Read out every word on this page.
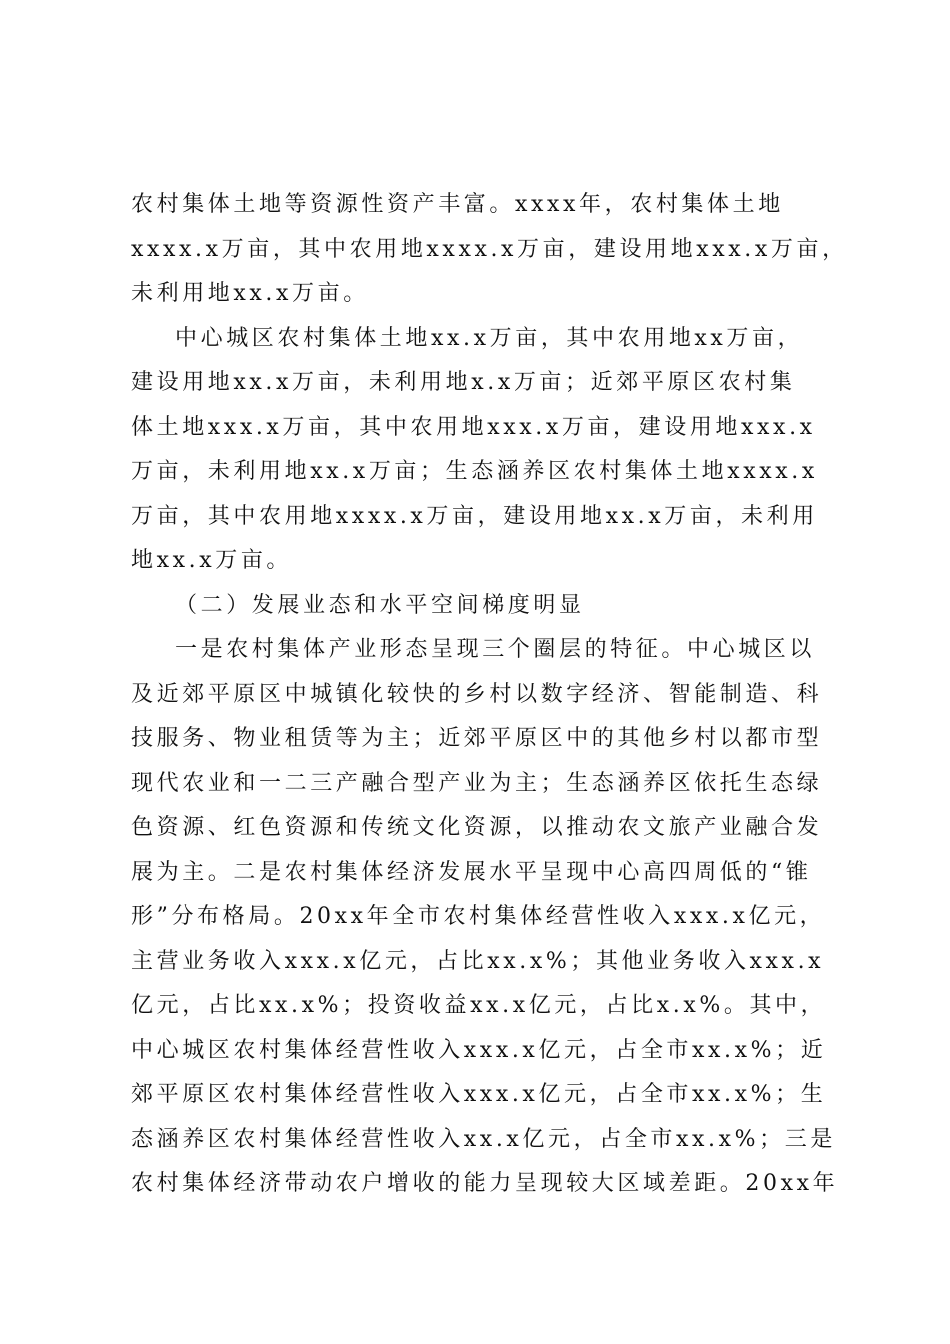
农村集体土地等资源性资产丰富。xxxx年，农村集体土地
xxxx.x万亩，其中农用地xxxx.x万亩，建设用地xxx.x万亩，
未利用地xx.x万亩。
中心城区农村集体土地xx.x万亩，其中农用地xx万亩，
建设用地xx.x万亩，未利用地x.x万亩；近郊平原区农村集
体土地xxx.x万亩，其中农用地xxx.x万亩，建设用地xxx.x
万亩，未利用地xx.x万亩；生态涵养区农村集体土地xxxx.x
万亩，其中农用地xxxx.x万亩，建设用地xx.x万亩，未利用
地xx.x万亩。
（二）发展业态和水平空间梯度明显
一是农村集体产业形态呈现三个圈层的特征。中心城区以
及近郊平原区中城镇化较快的乡村以数字经济、智能制造、科
技服务、物业租赁等为主；近郊平原区中的其他乡村以都市型
现代农业和一二三产融合型产业为主；生态涵养区依托生态绿
色资源、红色资源和传统文化资源，以推动农文旅产业融合发
展为主。二是农村集体经济发展水平呈现中心高四周低的“锥
形”分布格局。20xx年全市农村集体经营性收入xxx.x亿元，
主营业务收入xxx.x亿元，占比xx.x%；其他业务收入xxx.x
亿元，占比xx.x%；投资收益xx.x亿元，占比x.x%。其中，
中心城区农村集体经营性收入xxx.x亿元，占全市xx.x%；近
郊平原区农村集体经营性收入xxx.x亿元，占全市xx.x%；生
态涵养区农村集体经营性收入xx.x亿元，占全市xx.x%；三是
农村集体经济带动农户增收的能力呈现较大区域差距。20xx年
